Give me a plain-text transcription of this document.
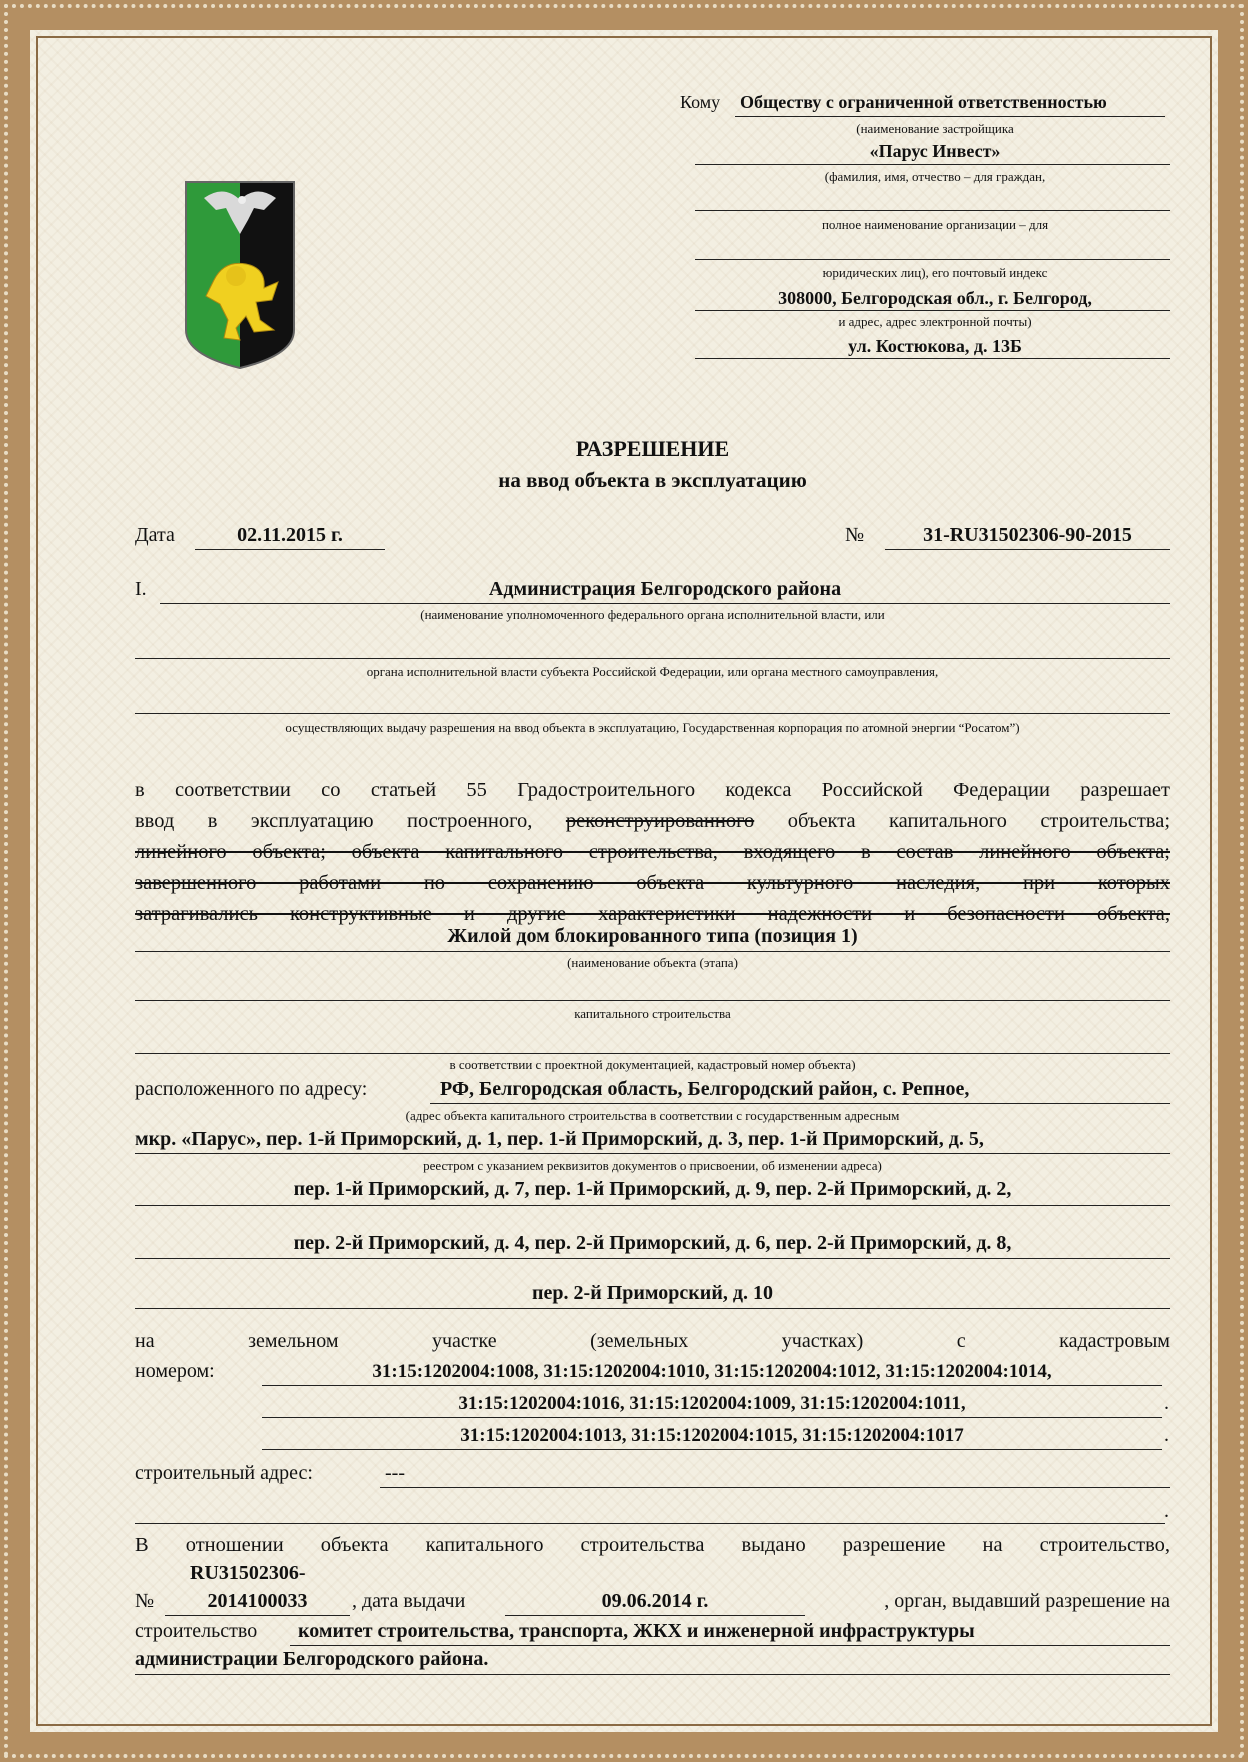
Кому Обществу с ограниченной ответственностью
(наименование застройщика
«Парус Инвест»
(фамилия, имя, отчество – для граждан,
полное наименование организации – для
юридических лиц), его почтовый индекс
308000, Белгородская обл., г. Белгород,
и адрес, адрес электронной почты)
ул. Костюкова, д. 13Б
РАЗРЕШЕНИЕ
на ввод объекта в эксплуатацию
Дата	02.11.2015 г.	№	31-RU31502306-90-2015
I.	Администрация Белгородского района
(наименование уполномоченного федерального органа исполнительной власти, или
органа исполнительной власти субъекта Российской Федерации, или органа местного самоуправления,
осуществляющих выдачу разрешения на ввод объекта в эксплуатацию, Государственная корпорация по атомной энергии “Росатом”)
в соответствии со статьей 55 Градостроительного кодекса Российской Федерации разрешает
ввод в эксплуатацию построенного, реконструированного объекта капитального строительства;
линейного объекта; объекта капитального строительства, входящего в состав линейного объекта;
завершенного работами по сохранению объекта культурного наследия, при которых
затрагивались конструктивные и другие характеристики надежности и безопасности объекта,
Жилой дом блокированного типа (позиция 1)
(наименование объекта (этапа)
капитального строительства
в соответствии с проектной документацией, кадастровый номер объекта)
расположенного по адресу:	РФ, Белгородская область, Белгородский район, с. Репное,
(адрес объекта капитального строительства в соответствии с государственным адресным
мкр. «Парус», пер. 1-й Приморский, д. 1, пер. 1-й Приморский, д. 3, пер. 1-й Приморский, д. 5,
реестром с указанием реквизитов документов о присвоении, об изменении адреса)
пер. 1-й Приморский, д. 7, пер. 1-й Приморский, д. 9, пер. 2-й Приморский, д. 2,
пер. 2-й Приморский, д. 4, пер. 2-й Приморский, д. 6, пер. 2-й Приморский, д. 8,
пер. 2-й Приморский, д. 10
на	земельном	участке	(земельных	участках)	с	кадастровым
номером:	31:15:1202004:1008, 31:15:1202004:1010, 31:15:1202004:1012, 31:15:1202004:1014,
31:15:1202004:1016, 31:15:1202004:1009, 31:15:1202004:1011,	.
31:15:1202004:1013, 31:15:1202004:1015, 31:15:1202004:1017	.
строительный адрес:	---
.
В отношении объекта капитального строительства выдано разрешение на строительство,
RU31502306-
№	2014100033	, дата выдачи	09.06.2014 г.	, орган, выдавший разрешение на
строительство комитет строительства, транспорта, ЖКХ и инженерной инфраструктуры
администрации Белгородского района.
